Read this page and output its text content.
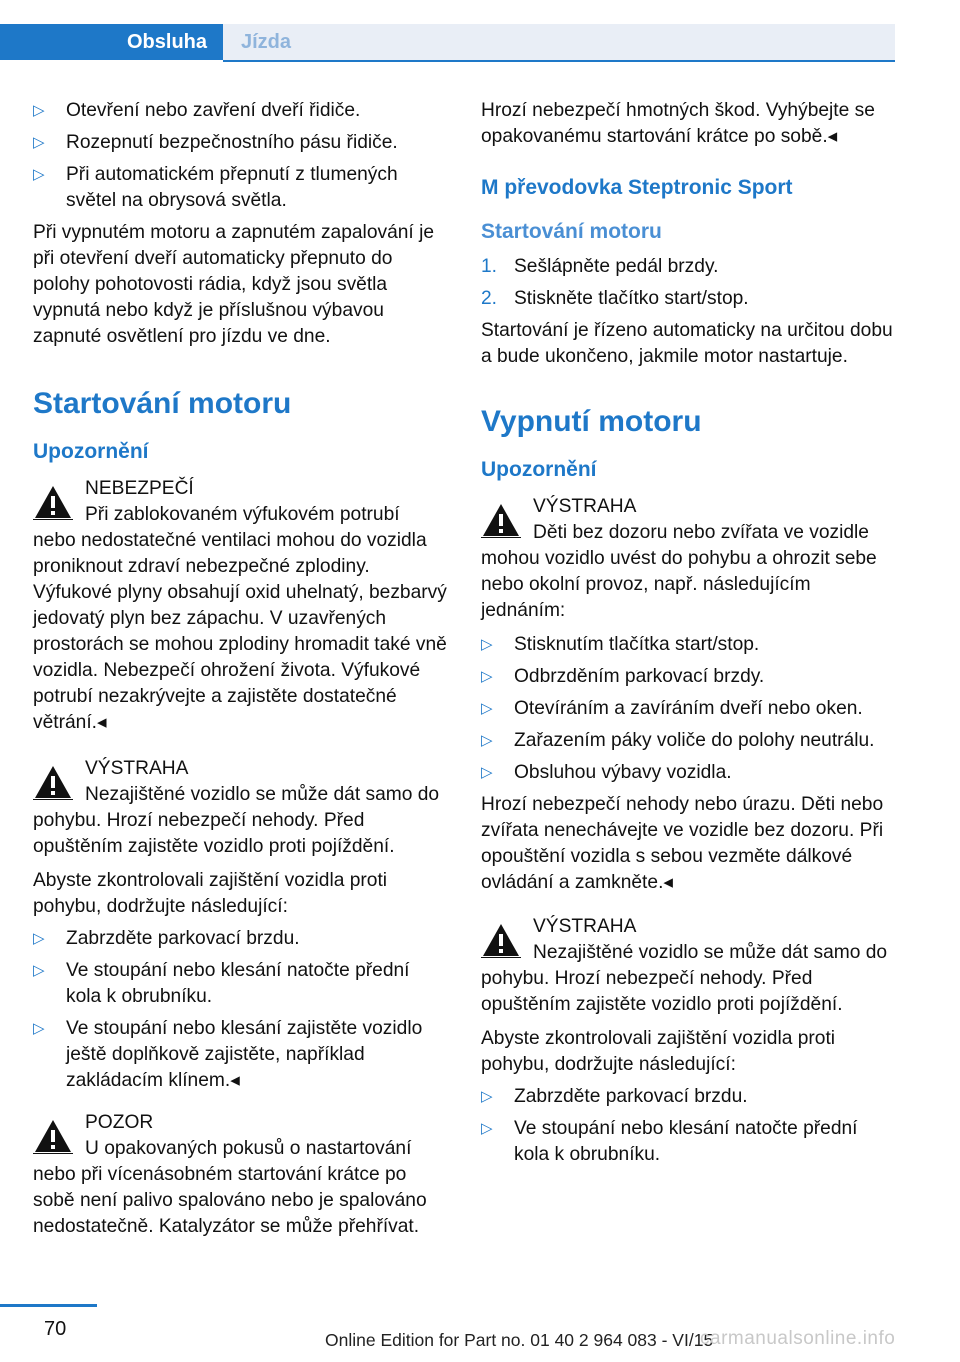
Obsluha	Jízda
▷ Otevření nebo zavření dveří řidiče.
▷ Rozepnutí bezpečnostního pásu řidiče.
▷ Při automatickém přepnutí z tlumených světel na obrysová světla.

Při vypnutém motoru a zapnutém zapalování je při otevření dveří automaticky přepnuto do polohy pohotovosti rádia, když jsou světla vypnutá nebo když je příslušnou výbavou zapnuté osvětlení pro jízdu ve dne.

Startování motoru
Upozornění
NEBEZPEČÍ
Při zablokovaném výfukovém potrubí nebo nedostatečné ventilaci mohou do vozidla proniknout zdraví nebezpečné zplodiny. Výfukové plyny obsahují oxid uhelnatý, bezbarvý jedovatý plyn bez zápachu. V uzavřených prostorách se mohou zplodiny hromadit také vně vozidla. Nebezpečí ohrožení života. Výfukové potrubí nezakrývejte a zajistěte dostatečné větrání.◂
VÝSTRAHA
Nezajištěné vozidlo se může dát samo do pohybu. Hrozí nebezpečí nehody. Před opuštěním zajistěte vozidlo proti pojíždění.

Abyste zkontrolovali zajištění vozidla proti pohybu, dodržujte následující:

▷ Zabrzděte parkovací brzdu.
▷ Ve stoupání nebo klesání natočte přední kola k obrubníku.
▷ Ve stoupání nebo klesání zajistěte vozidlo ještě doplňkově zajistěte, například zakládacím klínem.◂
POZOR
U opakovaných pokusů o nastartování nebo při vícenásobném startování krátce po sobě není palivo spalováno nebo je spalováno nedostatečně. Katalyzátor se může přehřívat.

Hrozí nebezpečí hmotných škod. Vyhýbejte se opakovanému startování krátce po sobě.◂

M převodovka Steptronic Sport
Startování motoru
1. Sešlápněte pedál brzdy.
2. Stiskněte tlačítko start/stop.

Startování je řízeno automaticky na určitou dobu a bude ukončeno, jakmile motor nastartuje.

Vypnutí motoru
Upozornění
VÝSTRAHA
Děti bez dozoru nebo zvířata ve vozidle mohou vozidlo uvést do pohybu a ohrozit sebe nebo okolní provoz, např. následujícím jednáním:
▷ Stisknutím tlačítka start/stop.
▷ Odbrzděním parkovací brzdy.
▷ Otevíráním a zavíráním dveří nebo oken.
▷ Zařazením páky voliče do polohy neutrálu.
▷ Obsluhou výbavy vozidla.

Hrozí nebezpečí nehody nebo úrazu. Děti nebo zvířata nenechávejte ve vozidle bez dozoru. Při opouštění vozidla s sebou vezměte dálkové ovládání a zamkněte.◂

VÝSTRAHA
Nezajištěné vozidlo se může dát samo do pohybu. Hrozí nebezpečí nehody. Před opuštěním zajistěte vozidlo proti pojíždění.

Abyste zkontrolovali zajištění vozidla proti pohybu, dodržujte následující:

▷ Zabrzděte parkovací brzdu.
▷ Ve stoupání nebo klesání natočte přední kola k obrubníku.
70	Online Edition for Part no. 01 40 2 964 083 - VI/15
carmanualsonline.info
